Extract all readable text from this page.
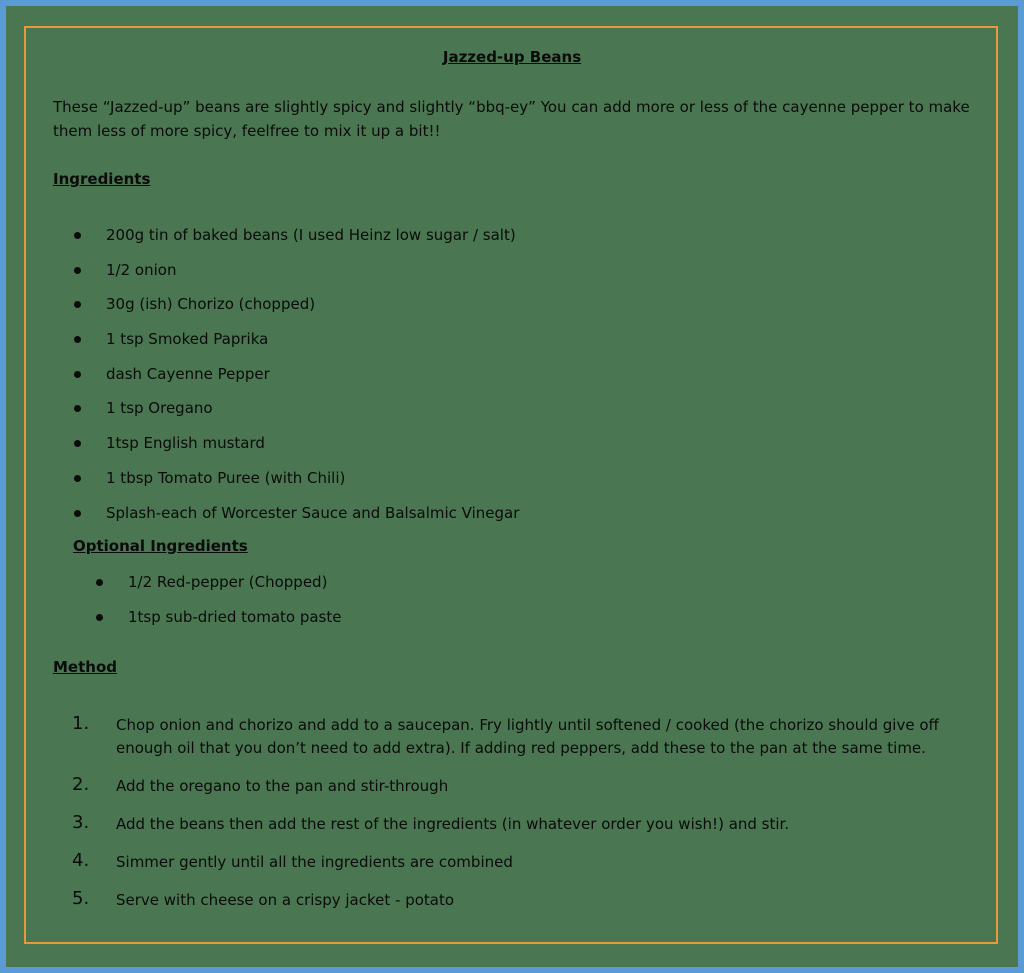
Jazzed-up Beans

These “Jazzed-up” beans are slightly spicy and slightly “bbq-ey” You can add more or less of the cayenne pepper to make them less of more spicy, feelfree to mix it up a bit!!

Ingredients
200g tin of baked beans (I used Heinz low sugar / salt)
1/2 onion
30g (ish) Chorizo (chopped)
1 tsp Smoked Paprika
dash Cayenne Pepper
1 tsp Oregano
1tsp English mustard
1 tbsp Tomato Puree (with Chili)
Splash-each of Worcester Sauce and Balsalmic Vinegar
Optional Ingredients
1/2 Red-pepper (Chopped)
1tsp sub-dried tomato paste
Method
1. Chop onion and chorizo and add to a saucepan. Fry lightly until softened / cooked (the chorizo should give off enough oil that you don’t need to add extra). If adding red peppers, add these to the pan at the same time.
2. Add the oregano to the pan and stir-through
3. Add the beans then add the rest of the ingredients (in whatever order you wish!) and stir.
4. Simmer gently until all the ingredients are combined
5. Serve with cheese on a crispy jacket - potato
